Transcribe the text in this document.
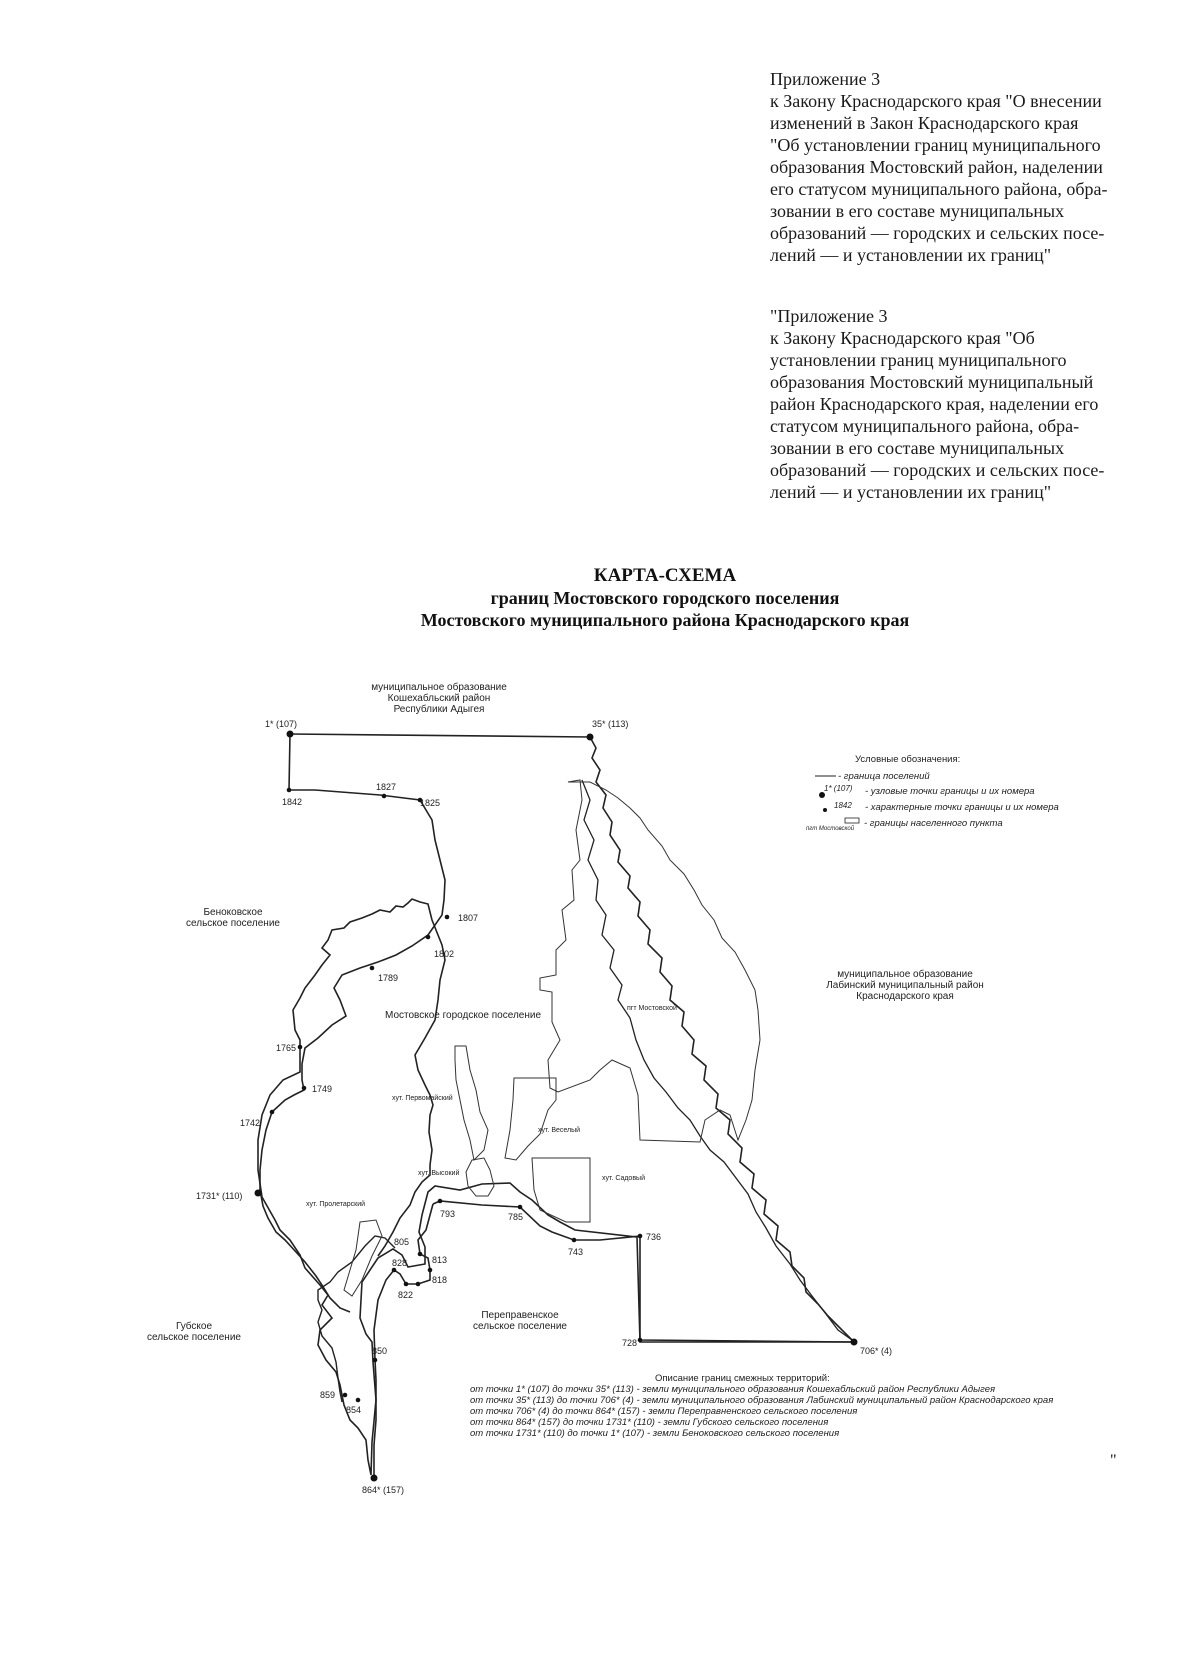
Приложение 3
к Закону Краснодарского края "О внесении
изменений в Закон Краснодарского края
"Об установлении границ муниципального
образования Мостовский район, наделении
его статусом муниципального района, обра-
зовании в его составе муниципальных
образований — городских и сельских посе-
лений — и установлении их границ"
"Приложение 3
к Закону Краснодарского края "Об
установлении границ муниципального
образования Мостовский муниципальный
район Краснодарского края, наделении его
статусом муниципального района, обра-
зовании в его составе муниципальных
образований — городских и сельских посе-
лений — и установлении их границ"
КАРТА-СХЕМА
границ Мостовского городского поселения
Мостовского муниципального района Краснодарского края
1* (107)	35* (113)
1842
1827
1825
1807
1802
1789
1765
1749
1742
1731* (110)
793	785
805
813
818
822
828
743
736
728
706* (4)
850
859
854
864* (157)
муниципальное образование
Кошехабльский район
Республики Адыгея
Беноковское
сельское поселение
муниципальное образование
Лабинский муниципальный район
Краснодарского края
Перепрaвенское
сельское поселение
Губское
сельское поселение
Мостовское городское поселение
пгт Мостовской
хут. Первомайский
хут. Веселый
хут. Высокий
хут. Садовый
хут. Пролетарский
Условные обозначения:
- граница поселений
1* (107) - узловые точки границы и их номера
1842 - характерные точки границы и их номера
пгт Мостовской - границы населенного пункта
Описание границ смежных территорий:
от точки 1* (107) до точки 35* (113) - земли муниципального образования Кошехабльский район Республики Адыгея
от точки 35* (113) до точки 706* (4) - земли муниципального образования Лабинский муниципальный район Краснодарского края
от точки 706* (4) до точки 864* (157) - земли Переправненского сельского поселения
от точки 864* (157) до точки 1731* (110) - земли Губского сельского поселения
от точки 1731* (110) до точки 1* (107) - земли Беноковского сельского поселения
"
